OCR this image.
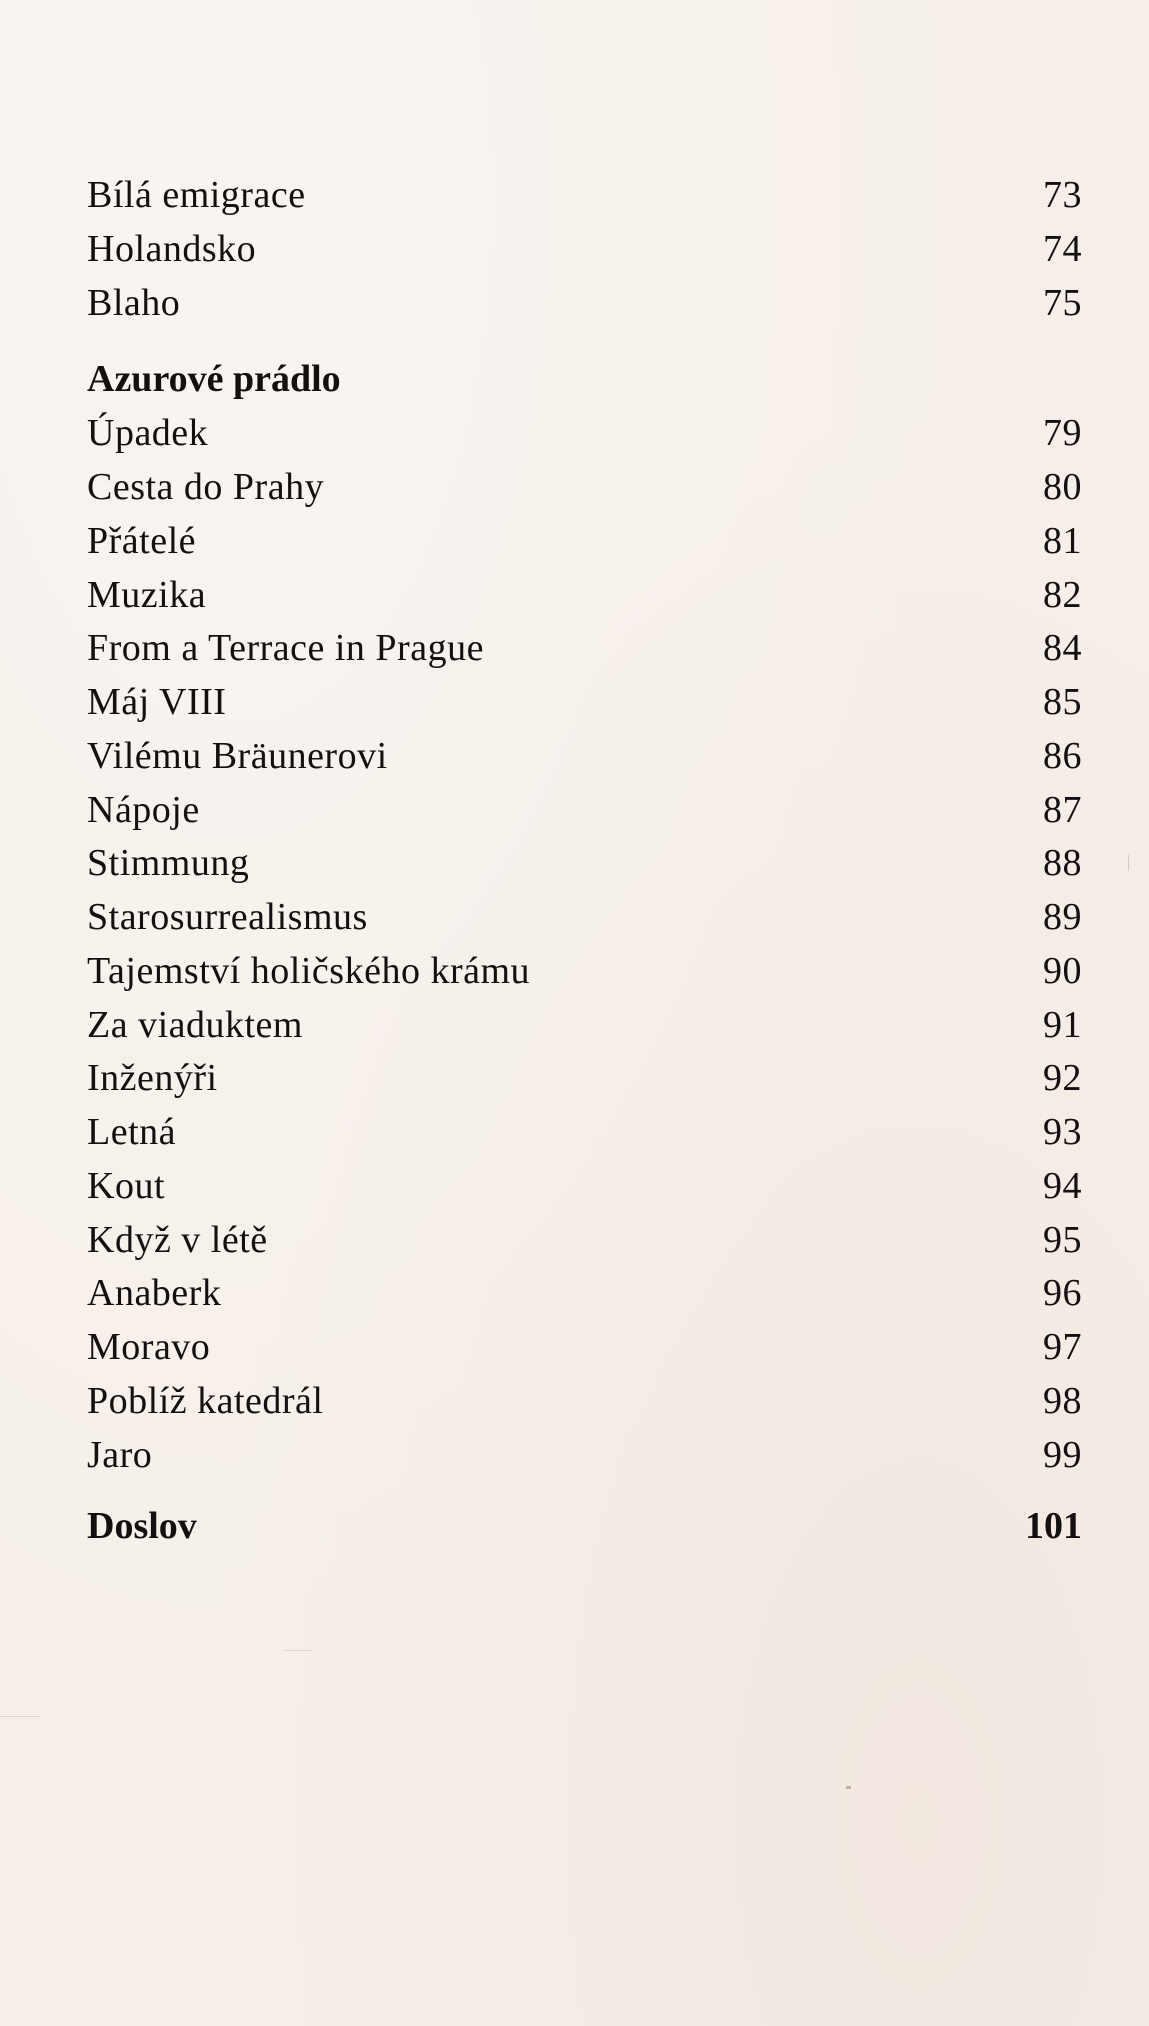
Bílá emigrace	73
Holandsko	74
Blaho	75
Azurové prádlo
Úpadek	79
Cesta do Prahy	80
Přátelé	81
Muzika	82
From a Terrace in Prague	84
Máj VIII	85
Vilému Bräunerovi	86
Nápoje	87
Stimmung	88
Starosurrealismus	89
Tajemství holičského krámu	90
Za viaduktem	91
Inženýři	92
Letná	93
Kout	94
Když v létě	95
Anaberk	96
Moravo	97
Poblíž katedrál	98
Jaro	99
Doslov	101
